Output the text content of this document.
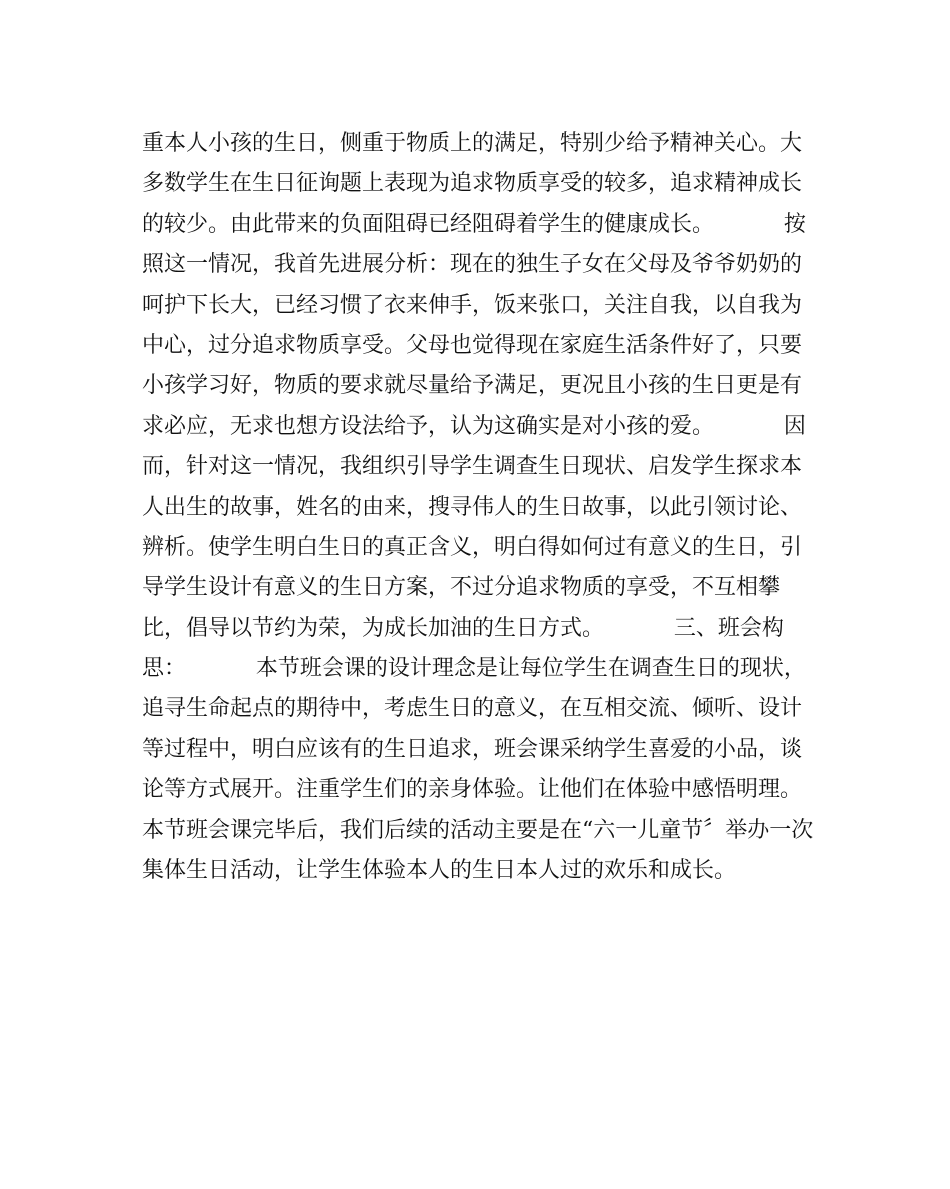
重本人小孩的生日，侧重于物质上的满足，特别少给予精神关心。大
多数学生在生日征询题上表现为追求物质享受的较多，追求精神成长
的较少。由此带来的负面阻碍已经阻碍着学生的健康成长。          按
照这一情况，我首先进展分析：现在的独生子女在父母及爷爷奶奶的
呵护下长大，已经习惯了衣来伸手，饭来张口，关注自我，以自我为
中心，过分追求物质享受。父母也觉得现在家庭生活条件好了，只要
小孩学习好，物质的要求就尽量给予满足，更况且小孩的生日更是有
求必应，无求也想方设法给予，认为这确实是对小孩的爱。          因
而，针对这一情况，我组织引导学生调查生日现状、启发学生探求本
人出生的故事，姓名的由来，搜寻伟人的生日故事，以此引领讨论、
辨析。使学生明白生日的真正含义，明白得如何过有意义的生日，引
导学生设计有意义的生日方案，不过分追求物质的享受，不互相攀
比，倡导以节约为荣，为成长加油的生日方式。          三、班会构
思：          本节班会课的设计理念是让每位学生在调查生日的现状，
追寻生命起点的期待中，考虑生日的意义，在互相交流、倾听、设计
等过程中，明白应该有的生日追求，班会课采纳学生喜爱的小品，谈
论等方式展开。注重学生们的亲身体验。让他们在体验中感悟明理。
本节班会课完毕后，我们后续的活动主要是在“六一儿童节〞举办一次
集体生日活动，让学生体验本人的生日本人过的欢乐和成长。
